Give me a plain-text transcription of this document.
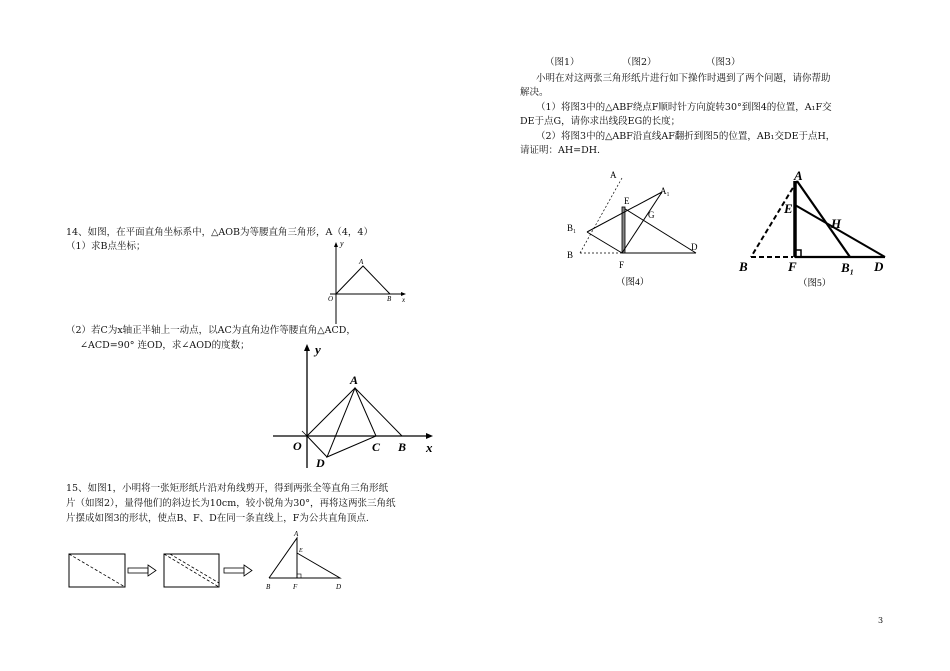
14、如图，在平面直角坐标系中，△AOB为等腰直角三角形，A（4，4）
（1）求B点坐标；	y
A
O	B x
（2）若C为x轴正半轴上一动点，以AC为直角边作等腰直角△ACD，
∠ACD=90° 连OD，求∠AOD的度数；	y
A
O	C B
D
x
15、如图1，小明将一张矩形纸片沿对角线剪开，得到两张全等直角三角形纸
片（如图2），量得他们的斜边长为10cm，较小锐角为30°，再将这两张三角纸
片摆成如图3的形状，使点B、F、D在同一条直线上，F为公共直角顶点.
A
E
B	F	D
（图1）	（图2）	（图3）
小明在对这两张三角形纸片进行如下操作时遇到了两个问题，请你帮助
解决。
（1）将图3中的△ABF绕点F顺时针方向旋转30°到图4的位置，A₁F交
DE于点G，请你求出线段EG的长度；
（2）将图3中的△ABF沿直线AF翻折到图5的位置，AB₁交DE于点H，
请证明：AH=DH.
A
A₁
E
G
B₁
B
F
D
（图4）
A
E
H
B	F	B₁ D
（图5）
3
